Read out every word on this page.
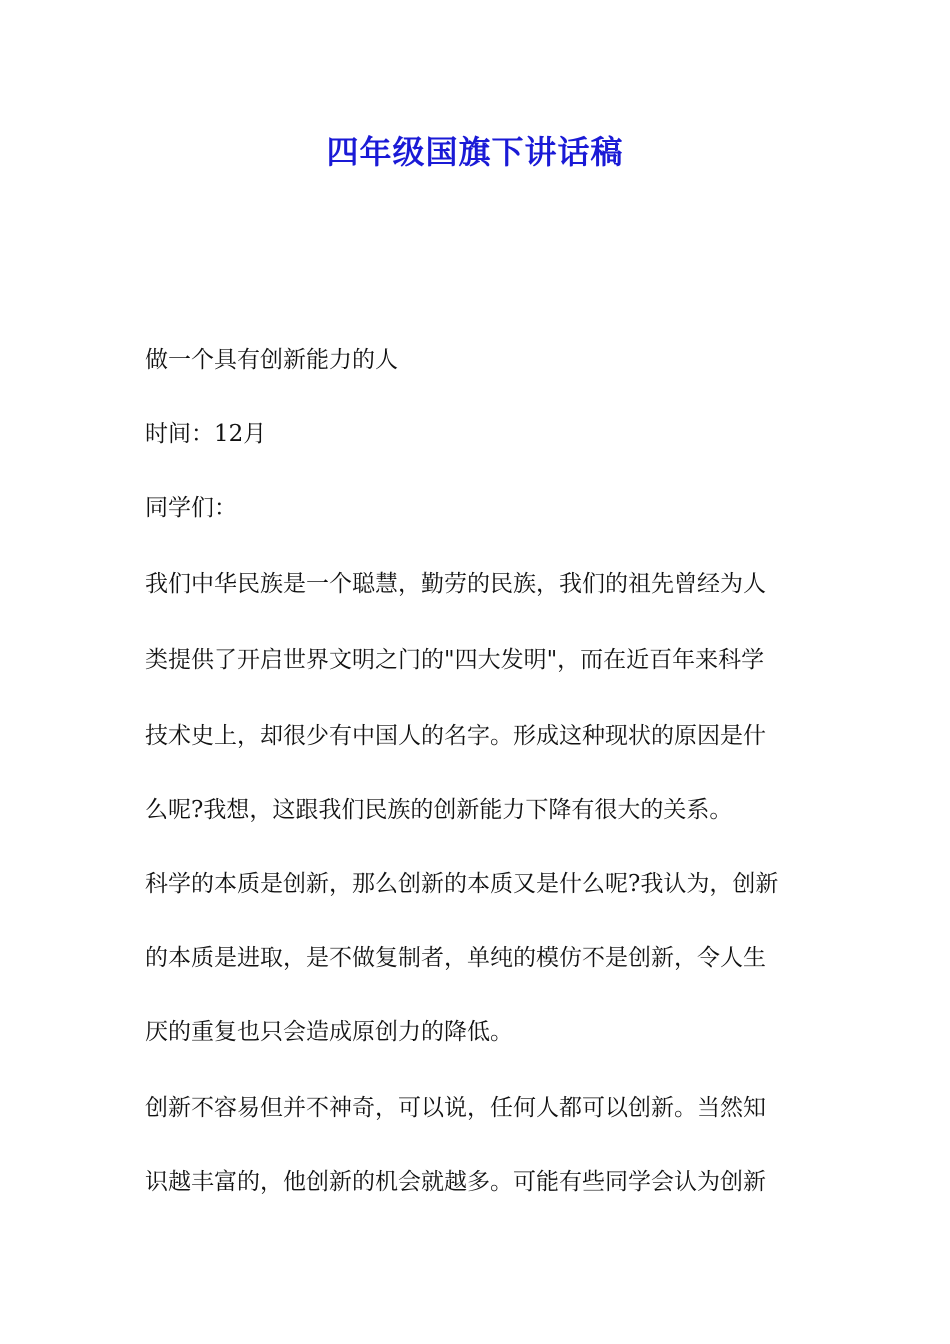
四年级国旗下讲话稿

做一个具有创新能力的人

时间：12月

同学们：

我们中华民族是一个聪慧，勤劳的民族，我们的祖先曾经为人

类提供了开启世界文明之门的"四大发明"，而在近百年来科学

技术史上，却很少有中国人的名字。形成这种现状的原因是什

么呢?我想，这跟我们民族的创新能力下降有很大的关系。

科学的本质是创新，那么创新的本质又是什么呢?我认为，创新

的本质是进取，是不做复制者，单纯的模仿不是创新，令人生

厌的重复也只会造成原创力的降低。

创新不容易但并不神奇，可以说，任何人都可以创新。当然知

识越丰富的，他创新的机会就越多。可能有些同学会认为创新
